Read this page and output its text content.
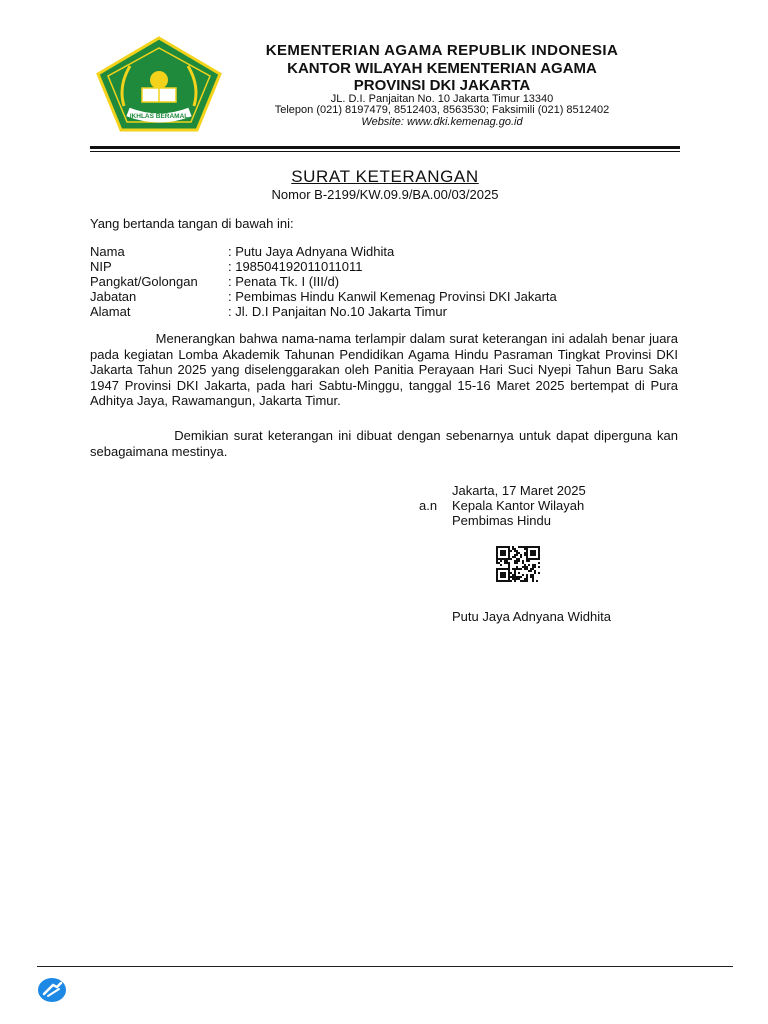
IKHLAS BERAMAL
KEMENTERIAN AGAMA REPUBLIK INDONESIA
KANTOR WILAYAH KEMENTERIAN AGAMA
PROVINSI DKI JAKARTA
JL. D.I. Panjaitan No. 10 Jakarta Timur 13340
Telepon (021) 8197479, 8512403, 8563530; Faksimili (021) 8512402
Website: www.dki.kemenag.go.id
SURAT KETERANGAN
Nomor B-2199/KW.09.9/BA.00/03/2025
Yang bertanda tangan di bawah ini:
Nama	: Putu Jaya Adnyana Widhita
NIP	: 198504192011011011
Pangkat/Golongan	: Penata Tk. I (III/d)
Jabatan	: Pembimas Hindu Kanwil Kemenag Provinsi DKI Jakarta
Alamat	: Jl. D.I Panjaitan No.10 Jakarta Timur
Menerangkan bahwa nama-nama terlampir dalam surat keterangan ini adalah benar juara pada kegiatan Lomba Akademik Tahunan Pendidikan Agama Hindu Pasraman Tingkat Provinsi DKI Jakarta Tahun 2025 yang diselenggarakan oleh Panitia Perayaan Hari Suci Nyepi Tahun Baru Saka 1947 Provinsi DKI Jakarta, pada hari Sabtu-Minggu, tanggal 15-16 Maret 2025 bertempat di Pura Adhitya Jaya, Rawamangun, Jakarta Timur.
Demikian surat keterangan ini dibuat dengan sebenarnya untuk dapat diperguna kan sebagaimana mestinya.
Jakarta, 17 Maret 2025
a.n Kepala Kantor Wilayah
Pembimas Hindu
Putu Jaya Adnyana Widhita
